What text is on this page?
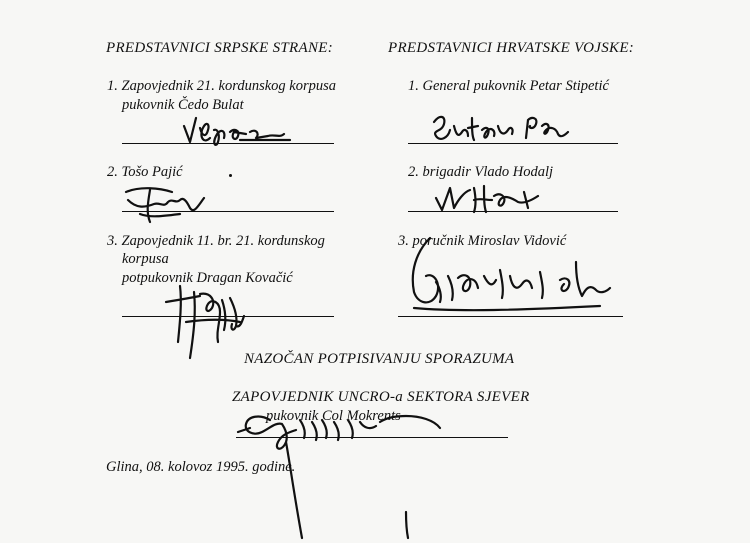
PREDSTAVNICI SRPSKE STRANE:	PREDSTAVNICI HRVATSKE VOJSKE:
1. Zapovjednik 21. kordunskog korpusa
pukovnik Čedo Bulat
2. Tošo Pajić
3. Zapovjednik 11. br. 21. kordunskog
korpusa
potpukovnik Dragan Kovačić
1. General pukovnik Petar Stipetić
2. brigadir Vlado Hodalj
3. poručnik Miroslav Vidović
NAZOČAN POTPISIVANJU SPORAZUMA
ZAPOVJEDNIK UNCRO-a SEKTORA SJEVER
pukovnik Col Mokrents
Glina, 08. kolovoz 1995. godine.
